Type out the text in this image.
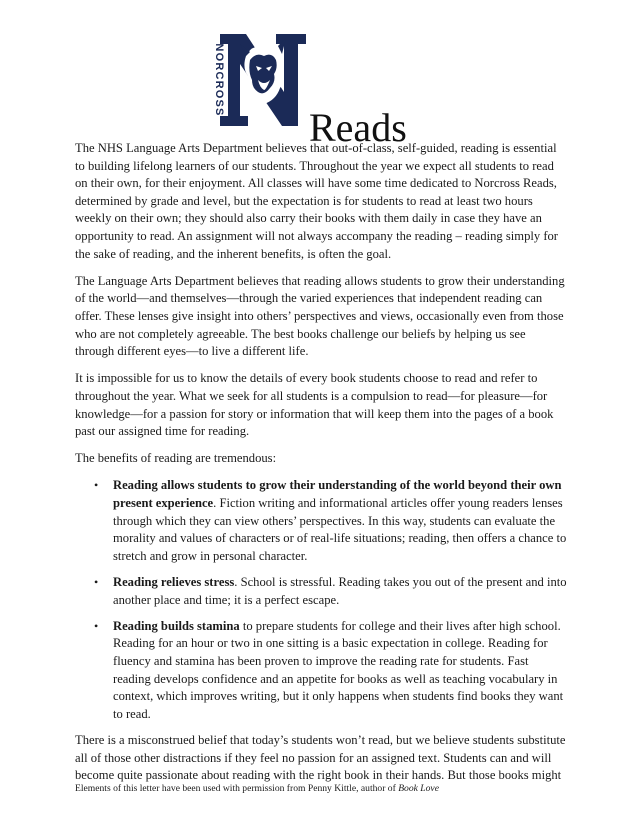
NORCROSS
Reads

The NHS Language Arts Department believes that out-of-class, self-guided, reading is essential to building lifelong learners of our students. Throughout the year we expect all students to read on their own, for their enjoyment. All classes will have some time dedicated to Norcross Reads, determined by grade and level, but the expectation is for students to read at least two hours weekly on their own; they should also carry their books with them daily in case they have an opportunity to read. An assignment will not always accompany the reading – reading simply for the sake of reading, and the inherent benefits, is often the goal.

The Language Arts Department believes that reading allows students to grow their understanding of the world—and themselves—through the varied experiences that independent reading can offer. These lenses give insight into others’ perspectives and views, occasionally even from those who are not completely agreeable. The best books challenge our beliefs by helping us see through different eyes—to live a different life.

It is impossible for us to know the details of every book students choose to read and refer to throughout the year. What we seek for all students is a compulsion to read—for pleasure—for knowledge—for a passion for story or information that will keep them into the pages of a book past our assigned time for reading.

The benefits of reading are tremendous:

• Reading allows students to grow their understanding of the world beyond their own present experience. Fiction writing and informational articles offer young readers lenses through which they can view others’ perspectives. In this way, students can evaluate the morality and values of characters or of real-life situations; reading, then offers a chance to stretch and grow in personal character.
• Reading relieves stress. School is stressful. Reading takes you out of the present and into another place and time; it is a perfect escape.
• Reading builds stamina to prepare students for college and their lives after high school. Reading for an hour or two in one sitting is a basic expectation in college. Reading for fluency and stamina has been proven to improve the reading rate for students. Fast reading develops confidence and an appetite for books as well as teaching vocabulary in context, which improves writing, but it only happens when students find books they want to read.

There is a misconstrued belief that today’s students won’t read, but we believe students substitute all of those other distractions if they feel no passion for an assigned text. Students can and will become quite passionate about reading with the right book in their hands. But those books might

Elements of this letter have been used with permission from Penny Kittle, author of Book Love
